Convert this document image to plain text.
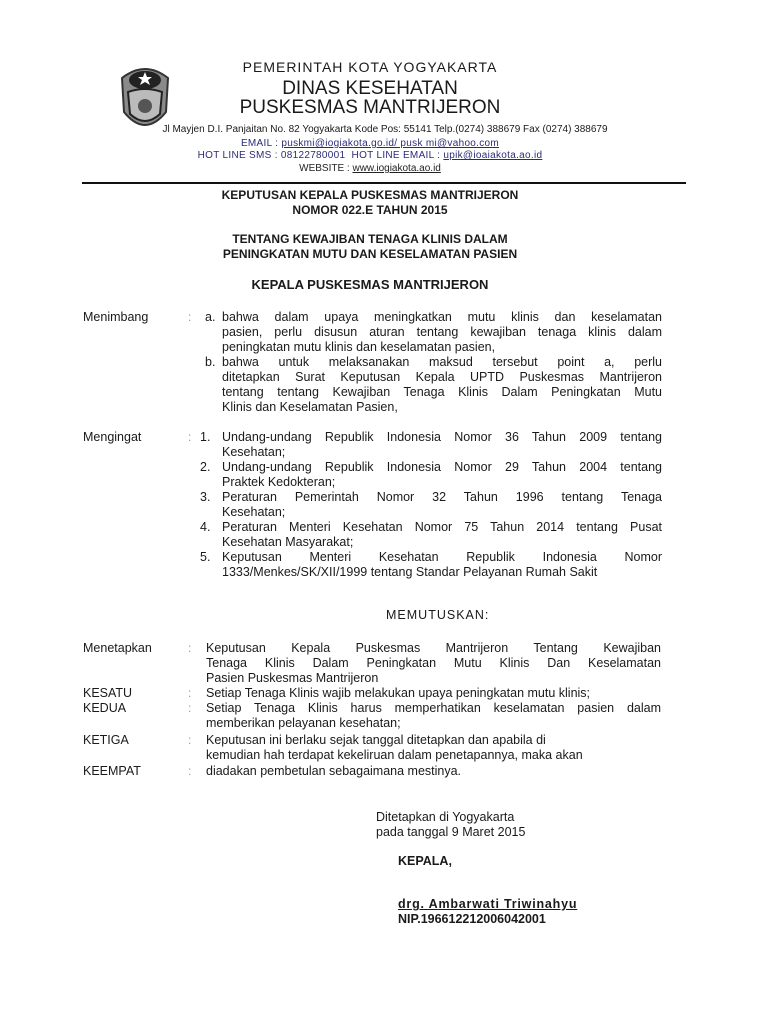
PEMERINTAH KOTA YOGYAKARTA
DINAS KESEHATAN
PUSKESMAS MANTRIJERON
Jl Mayjen D.I. Panjaitan No. 82 Yogyakarta Kode Pos: 55141 Telp.(0274) 388679 Fax (0274) 388679
EMAIL : puskmi@iogiakota.go.id/ pusk mi@vahoo.com
HOT LINE SMS : 08122780001 HOT LINE EMAIL : upik@ioaiakota.ao.id
WEBSITE : www.iogiakota.ao.id
KEPUTUSAN KEPALA PUSKESMAS MANTRIJERON
NOMOR 022.E TAHUN 2015
TENTANG KEWAJIBAN TENAGA KLINIS DALAM
PENINGKATAN MUTU DAN KESELAMATAN PASIEN
KEPALA PUSKESMAS MANTRIJERON
Menimbang	: a. bahwa dalam upaya meningkatkan mutu klinis dan keselamatan
pasien, perlu disusun aturan tentang kewajiban tenaga klinis dalam
peningkatan mutu klinis dan keselamatan pasien,
b. bahwa untuk melaksanakan maksud tersebut point a, perlu
ditetapkan Surat Keputusan Kepala UPTD Puskesmas Mantrijeron
tentang tentang Kewajiban Tenaga Klinis Dalam Peningkatan Mutu
Klinis dan Keselamatan Pasien,
Mengingat	: 1. Undang-undang Republik Indonesia Nomor 36 Tahun 2009 tentang
Kesehatan;
2. Undang-undang Republik Indonesia Nomor 29 Tahun 2004 tentang
Praktek Kedokteran;
3. Peraturan Pemerintah Nomor 32 Tahun 1996 tentang Tenaga
Kesehatan;
4. Peraturan Menteri Kesehatan Nomor 75 Tahun 2014 tentang Pusat
Kesehatan Masyarakat;
5. Keputusan Menteri Kesehatan Republik Indonesia Nomor
1333/Menkes/SK/XII/1999 tentang Standar Pelayanan Rumah Sakit
Menetapkan	: Keputusan Kepala Puskesmas Mantrijeron Tentang Kewajiban
Tenaga Klinis Dalam Peningkatan Mutu Klinis Dan Keselamatan
Pasien Puskesmas Mantrijeron
KESATU	: Setiap Tenaga Klinis wajib melakukan upaya peningkatan mutu klinis;
KEDUA	: Setiap Tenaga Klinis harus memperhatikan keselamatan pasien dalam
memberikan pelayanan kesehatan;
KETIGA	: Keputusan ini berlaku sejak tanggal ditetapkan dan apabila di
kemudian hah terdapat kekeliruan dalam penetapannya, maka akan
KEEMPAT	: diadakan pembetulan sebagaimana mestinya.
MEMUTUSKAN:
Ditetapkan di Yogyakarta
pada tanggal 9 Maret 2015
KEPALA,
drg. Ambarwati Triwinahyu
NIP.196612212006042001
